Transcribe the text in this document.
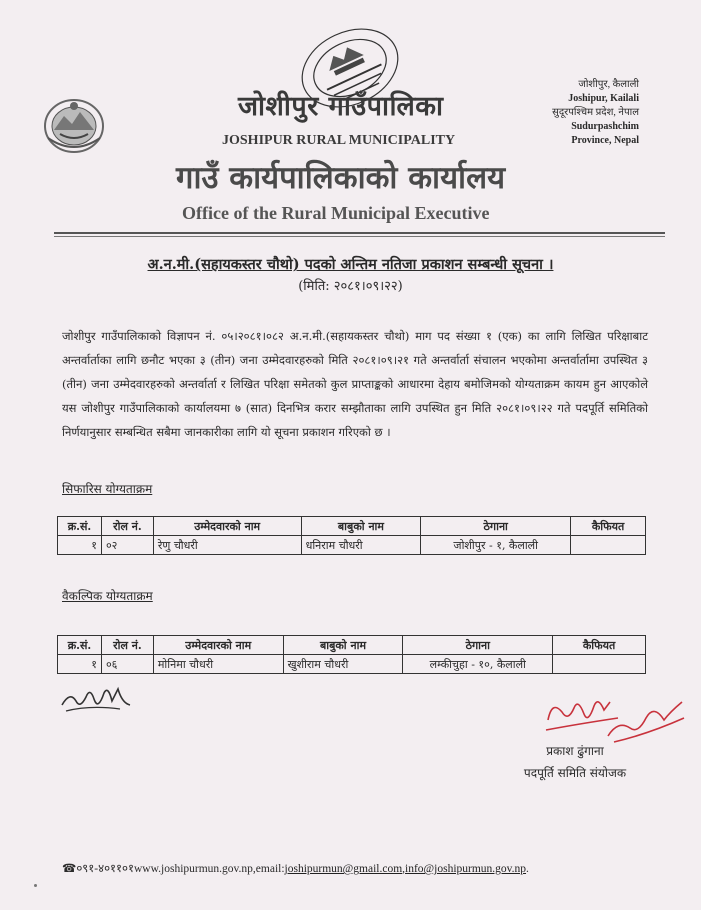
जोशीपुर गाउँपालिका
JOSHIPUR RURAL MUNICIPALITY
गाउँ कार्यपालिकाको कार्यालय
Office of the Rural Municipal Executive
जोशीपुर, कैलाली
Joshipur, Kailali
सुदूरपश्चिम प्रदेश, नेपाल
Sudurpashchim
Province, Nepal
अ.न.मी.(सहायकस्तर चौथो) पदको अन्तिम नतिजा प्रकाशन सम्बन्धी सूचना ।
(मिति: २०८१।०९।२२)
जोशीपुर गाउँपालिकाको विज्ञापन नं. ०५।२०८१।०८२ अ.न.मी.(सहायकस्तर चौथो) माग पद संख्या १ (एक) का लागि लिखित परिक्षाबाट अन्तर्वार्ताका लागि छनौट भएका ३ (तीन) जना उम्मेदवारहरुको मिति २०८१।०९।२१ गते अन्तर्वार्ता संचालन भएकोमा अन्तर्वार्तामा उपस्थित ३ (तीन) जना उम्मेदवारहरुको अन्तर्वार्ता र लिखित परिक्षा समेतको कुल प्राप्ताङ्कको आधारमा देहाय बमोजिमको योग्यताक्रम कायम हुन आएकोले यस जोशीपुर गाउँपालिकाको कार्यालयमा ७ (सात) दिनभित्र करार सम्झौताका लागि उपस्थित हुन मिति २०८१।०९।२२ गते पदपूर्ति समितिको निर्णयानुसार सम्बन्धित सबैमा जानकारीका लागि यो सूचना प्रकाशन गरिएको छ ।
सिफारिस योग्यताक्रम
क्र.सं.	रोल नं.	उम्मेदवारको नाम	बाबुको नाम	ठेगाना	कैफियत
१	०२	रेणु चौधरी	धनिराम चौधरी	जोशीपुर - १, कैलाली	
वैकल्पिक योग्यताक्रम
क्र.सं.	रोल नं.	उम्मेदवारको नाम	बाबुको नाम	ठेगाना	कैफियत
१	०६	मोनिमा चौधरी	खुशीराम चौधरी	लम्कीचुहा - १०, कैलाली	
प्रकाश ढुंगाना
पदपूर्ति समिति संयोजक
☎०९१-४०११०१www.joshipurmun.gov.np,email:joshipurmun@gmail.com,info@joshipurmun.gov.np.
